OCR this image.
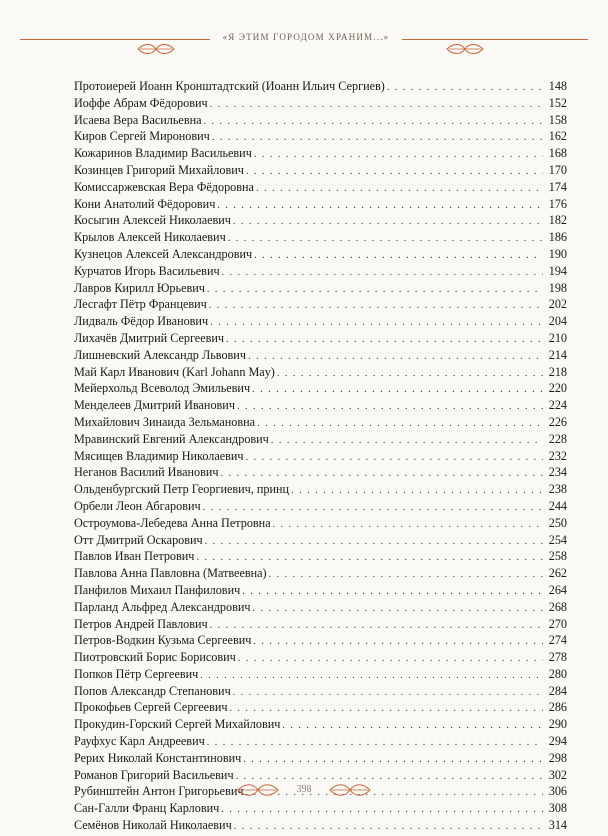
«Я ЭТИМ ГОРОДОМ ХРАНИМ...»
Протоиерей Иоанн Кронштадтский (Иоанн Ильич Сергиев) . . .	148
Иоффе Абрам Фёдорович . . .	152
Исаева Вера Васильевна . . .	158
Киров Сергей Миронович . . .	162
Кожаринов Владимир Васильевич . . .	168
Козинцев Григорий Михайлович . . .	170
Комиссаржевская Вера Фёдоровна . . .	174
Кони Анатолий Фёдорович . . .	176
Косыгин Алексей Николаевич . . .	182
Крылов Алексей Николаевич . . .	186
Кузнецов Алексей Александрович . . .	190
Курчатов Игорь Васильевич . . .	194
Лавров Кирилл Юрьевич . . .	198
Лесгафт Пётр Францевич . . .	202
Лидваль Фёдор Иванович . . .	204
Лихачёв Дмитрий Сергеевич . . .	210
Лишневский Александр Львович . . .	214
Май Карл Иванович (Karl Johann May) . . .	218
Мейерхольд Всеволод Эмильевич . . .	220
Менделеев Дмитрий Иванович . . .	224
Михайлович Зинаида Зельмановна . . .	226
Мравинский Евгений Александрович . . .	228
Мясищев Владимир Николаевич . . .	232
Неганов Василий Иванович . . .	234
Ольденбургский Петр Георгиевич, принц . . .	238
Орбели Леон Абгарович . . .	244
Остроумова-Лебедева Анна Петровна . . .	250
Отт Дмитрий Оскарович . . .	254
Павлов Иван Петрович . . .	258
Павлова Анна Павловна (Матвеевна) . . .	262
Панфилов Михаил Панфилович . . .	264
Парланд Альфред Александрович . . .	268
Петров Андрей Павлович . . .	270
Петров-Водкин Кузьма Сергеевич . . .	274
Пиотровский Борис Борисович . . .	278
Попков Пётр Сергеевич . . .	280
Попов Александр Степанович . . .	284
Прокофьев Сергей Сергеевич . . .	286
Прокудин-Горский Сергей Михайлович . . .	290
Рауфхус Карл Андреевич . . .	294
Рерих Николай Константинович . . .	298
Романов Григорий Васильевич . . .	302
Рубинштейн Антон Григорьевич . . .	306
Сан-Галли Франц Карлович . . .	308
Семёнов Николай Николаевич . . .	314
398
